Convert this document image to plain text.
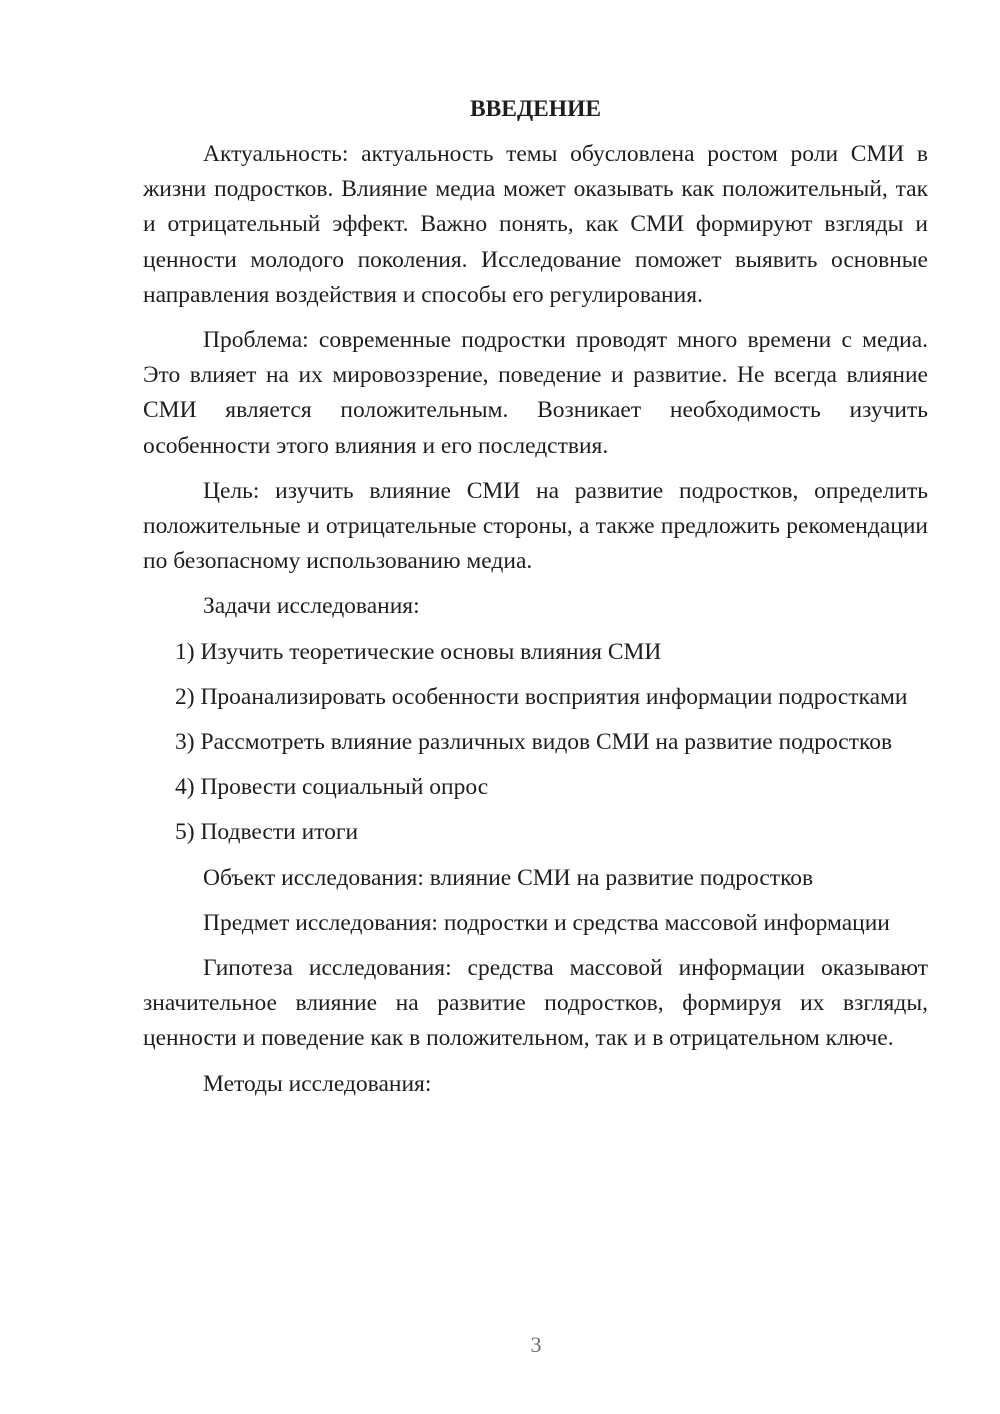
ВВЕДЕНИЕ

Актуальность: актуальность темы обусловлена ростом роли СМИ в жизни подростков. Влияние медиа может оказывать как положительный, так и отрицательный эффект. Важно понять, как СМИ формируют взгляды и ценности молодого поколения. Исследование поможет выявить основные направления воздействия и способы его регулирования.

Проблема: современные подростки проводят много времени с медиа. Это влияет на их мировоззрение, поведение и развитие. Не всегда влияние СМИ является положительным. Возникает необходимость изучить особенности этого влияния и его последствия.

Цель: изучить влияние СМИ на развитие подростков, определить положительные и отрицательные стороны, а также предложить рекомендации по безопасному использованию медиа.

Задачи исследования:

1) Изучить теоретические основы влияния СМИ

2) Проанализировать особенности восприятия информации подростками

3) Рассмотреть влияние различных видов СМИ на развитие подростков

4) Провести социальный опрос

5) Подвести итоги

Объект исследования: влияние СМИ на развитие подростков

Предмет исследования: подростки и средства массовой информации

Гипотеза исследования: средства массовой информации оказывают значительное влияние на развитие подростков, формируя их взгляды, ценности и поведение как в положительном, так и в отрицательном ключе.

Методы исследования:

3
